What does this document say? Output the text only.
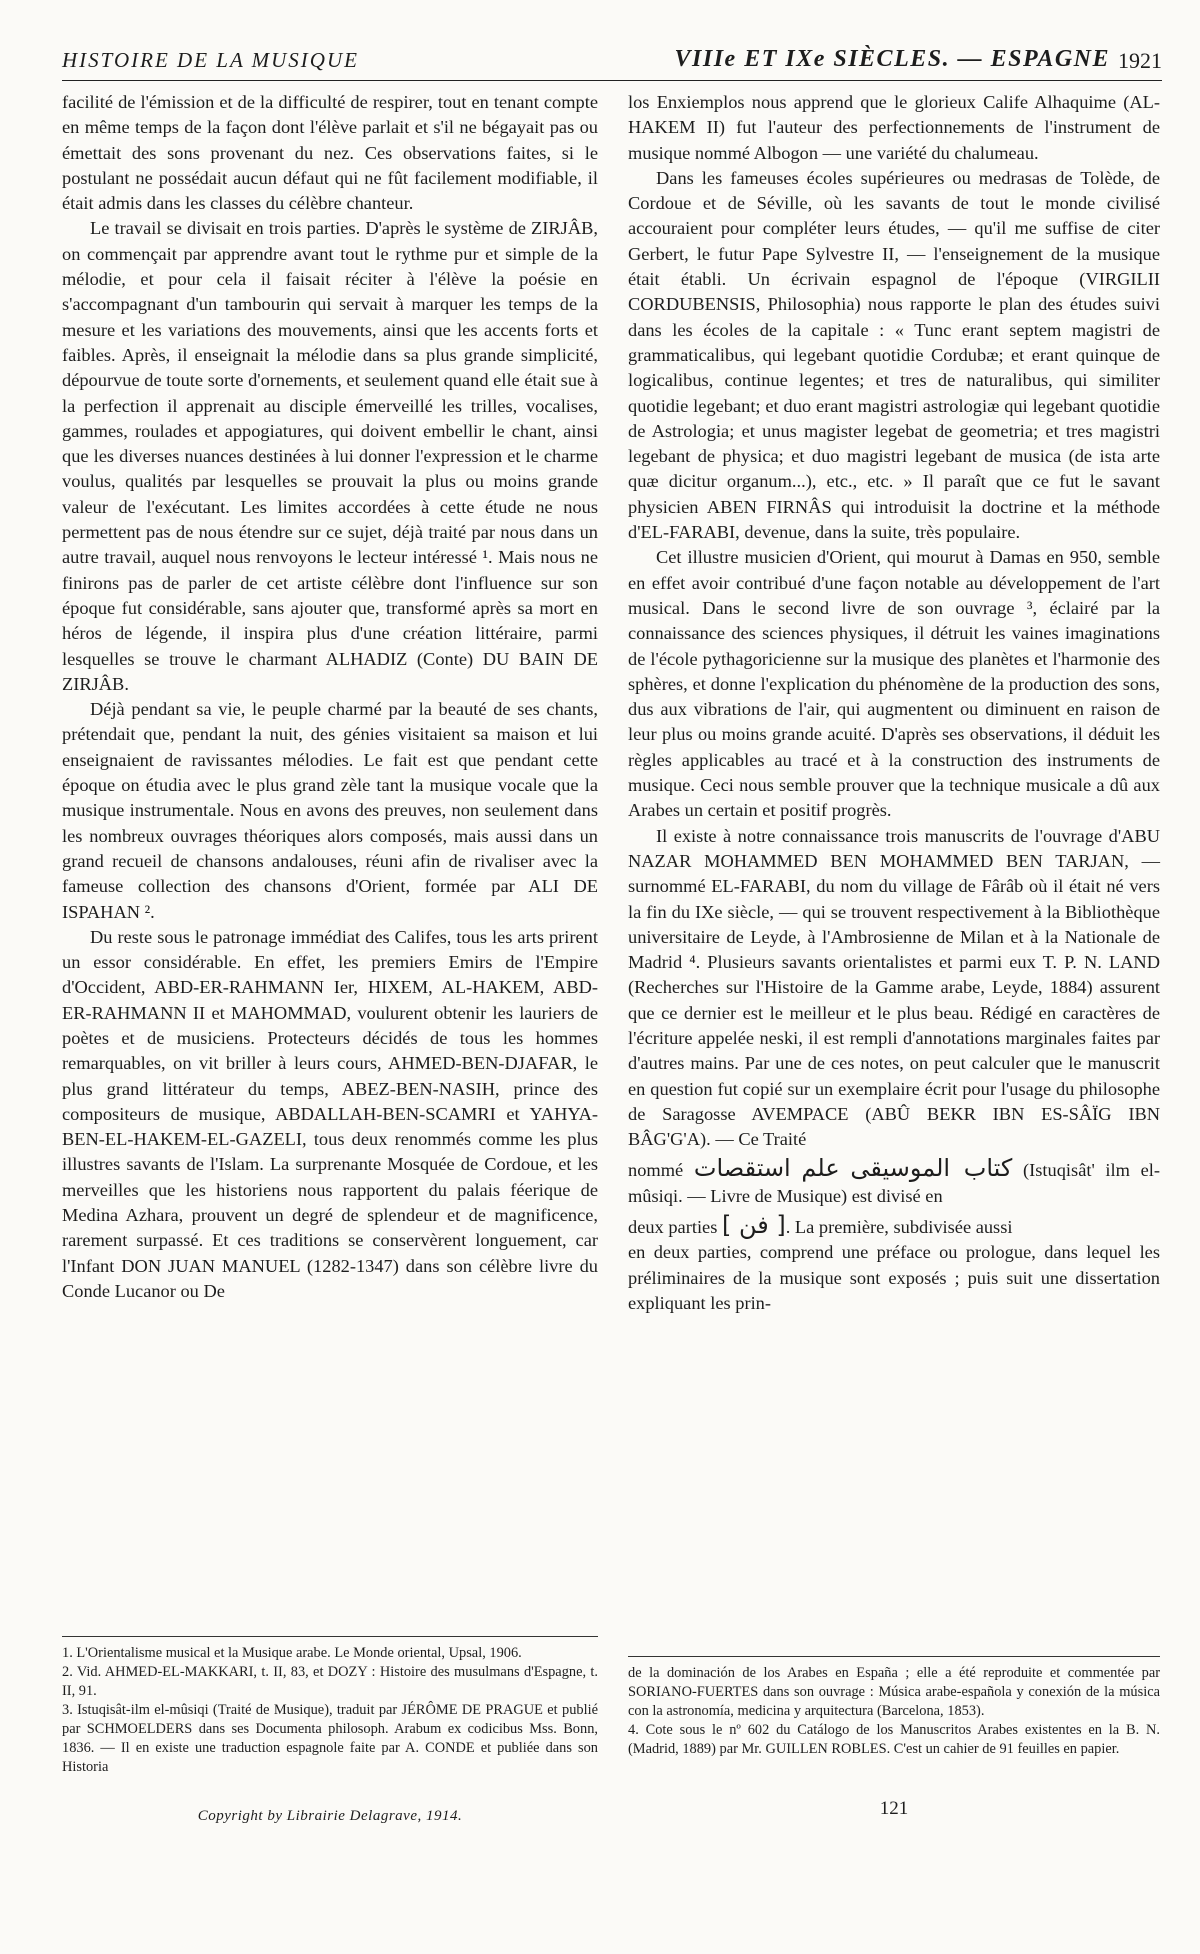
HISTOIRE DE LA MUSIQUE	VIIIe ET IXe SIÈCLES. — ESPAGNE 1921

facilité de l'émission et de la difficulté de respirer, tout en tenant compte en même temps de la façon dont l'élève parlait et s'il ne bégayait pas ou émettait des sons provenant du nez. Ces observations faites, si le postulant ne possédait aucun défaut qui ne fût facilement modifiable, il était admis dans les classes du célèbre chanteur.

Le travail se divisait en trois parties. D'après le système de ZIRJÂB, on commençait par apprendre avant tout le rythme pur et simple de la mélodie, et pour cela il faisait réciter à l'élève la poésie en s'accompagnant d'un tambourin qui servait à marquer les temps de la mesure et les variations des mouvements, ainsi que les accents forts et faibles. Après, il enseignait la mélodie dans sa plus grande simplicité, dépourvue de toute sorte d'ornements, et seulement quand elle était sue à la perfection il apprenait au disciple émerveillé les trilles, vocalises, gammes, roulades et appogiatures, qui doivent embellir le chant, ainsi que les diverses nuances destinées à lui donner l'expression et le charme voulus, qualités par lesquelles se prouvait la plus ou moins grande valeur de l'exécutant. Les limites accordées à cette étude ne nous permettent pas de nous étendre sur ce sujet, déjà traité par nous dans un autre travail, auquel nous renvoyons le lecteur intéressé ¹. Mais nous ne finirons pas de parler de cet artiste célèbre dont l'influence sur son époque fut considérable, sans ajouter que, transformé après sa mort en héros de légende, il inspira plus d'une création littéraire, parmi lesquelles se trouve le charmant ALHADIZ (Conte) DU BAIN DE ZIRJÂB.

Déjà pendant sa vie, le peuple charmé par la beauté de ses chants, prétendait que, pendant la nuit, des génies visitaient sa maison et lui enseignaient de ravissantes mélodies. Le fait est que pendant cette époque on étudia avec le plus grand zèle tant la musique vocale que la musique instrumentale. Nous en avons des preuves, non seulement dans les nombreux ouvrages théoriques alors composés, mais aussi dans un grand recueil de chansons andalouses, réuni afin de rivaliser avec la fameuse collection des chansons d'Orient, formée par ALI DE ISPAHAN ².

Du reste sous le patronage immédiat des Califes, tous les arts prirent un essor considérable. En effet, les premiers Emirs de l'Empire d'Occident, ABD-ER-RAHMANN Ier, HIXEM, AL-HAKEM, ABD-ER-RAHMANN II et MAHOMMAD, voulurent obtenir les lauriers de poètes et de musiciens. Protecteurs décidés de tous les hommes remarquables, on vit briller à leurs cours, AHMED-BEN-DJAFAR, le plus grand littérateur du temps, ABEZ-BEN-NASIH, prince des compositeurs de musique, ABDALLAH-BEN-SCAMRI et YAHYA-BEN-EL-HAKEM-EL-GAZELI, tous deux renommés comme les plus illustres savants de l'Islam. La surprenante Mosquée de Cordoue, et les merveilles que les historiens nous rapportent du palais féerique de Medina Azhara, prouvent un degré de splendeur et de magnificence, rarement surpassé. Et ces traditions se conservèrent longuement, car l'Infant DON JUAN MANUEL (1282-1347) dans son célèbre livre du Conde Lucanor ou De

los Enxiemplos nous apprend que le glorieux Calife Alhaquime (AL-HAKEM II) fut l'auteur des perfectionnements de l'instrument de musique nommé Albogon — une variété du chalumeau.

Dans les fameuses écoles supérieures ou medrasas de Tolède, de Cordoue et de Séville, où les savants de tout le monde civilisé accouraient pour compléter leurs études, — qu'il me suffise de citer Gerbert, le futur Pape Sylvestre II, — l'enseignement de la musique était établi. Un écrivain espagnol de l'époque (VIRGILII CORDUBENSIS, Philosophia) nous rapporte le plan des études suivi dans les écoles de la capitale : « Tunc erant septem magistri de grammaticalibus, qui legebant quotidie Cordubæ; et erant quinque de logicalibus, continue legentes; et tres de naturalibus, qui similiter quotidie legebant; et duo erant magistri astrologiæ qui legebant quotidie de Astrologia; et unus magister legebat de geometria; et tres magistri legebant de physica; et duo magistri legebant de musica (de ista arte quæ dicitur organum...), etc., etc. » Il paraît que ce fut le savant physicien ABEN FIRNÂS qui introduisit la doctrine et la méthode d'EL-FARABI, devenue, dans la suite, très populaire.

Cet illustre musicien d'Orient, qui mourut à Damas en 950, semble en effet avoir contribué d'une façon notable au développement de l'art musical. Dans le second livre de son ouvrage ³, éclairé par la connaissance des sciences physiques, il détruit les vaines imaginations de l'école pythagoricienne sur la musique des planètes et l'harmonie des sphères, et donne l'explication du phénomène de la production des sons, dus aux vibrations de l'air, qui augmentent ou diminuent en raison de leur plus ou moins grande acuité. D'après ses observations, il déduit les règles applicables au tracé et à la construction des instruments de musique. Ceci nous semble prouver que la technique musicale a dû aux Arabes un certain et positif progrès.

Il existe à notre connaissance trois manuscrits de l'ouvrage d'ABU NAZAR MOHAMMED BEN MOHAMMED BEN TARJAN, — surnommé EL-FARABI, du nom du village de Fârâb où il était né vers la fin du IXe siècle, — qui se trouvent respectivement à la Bibliothèque universitaire de Leyde, à l'Ambrosienne de Milan et à la Nationale de Madrid ⁴. Plusieurs savants orientalistes et parmi eux T. P. N. LAND (Recherches sur l'Histoire de la Gamme arabe, Leyde, 1884) assurent que ce dernier est le meilleur et le plus beau. Rédigé en caractères de l'écriture appelée neski, il est rempli d'annotations marginales faites par d'autres mains. Par une de ces notes, on peut calculer que le manuscrit en question fut copié sur un exemplaire écrit pour l'usage du philosophe de Saragosse AVEMPACE (ABÛ BEKR IBN ES-SÂÏG IBN BÂG'G'A). — Ce Traité

nommé	كتاب الموسيقى علم استقصات	(Istuqisât' ilm el-mûsiqi. — Livre de Musique) est divisé en

deux parties [ فن ]. La première, subdivisée aussi

en deux parties, comprend une préface ou prologue, dans lequel les préliminaires de la musique sont exposés ; puis suit une dissertation expliquant les prin-

1. L'Orientalisme musical et la Musique arabe. Le Monde oriental, Upsal, 1906.

2. Vid. AHMED-EL-MAKKARI, t. II, 83, et DOZY : Histoire des musulmans d'Espagne, t. II, 91.

3. Istuqisât-ilm el-mûsiqi (Traité de Musique), traduit par JÉRÔME DE PRAGUE et publié par SCHMOELDERS dans ses Documenta philosoph. Arabum ex codicibus Mss. Bonn, 1836. — Il en existe une traduction espagnole faite par A. CONDE et publiée dans son Historia

de la dominación de los Arabes en España ; elle a été reproduite et commentée par SORIANO-FUERTES dans son ouvrage : Música arabe-española y conexión de la música con la astronomía, medicina y arquitectura (Barcelona, 1853).

4. Cote sous le nº 602 du Catálogo de los Manuscritos Arabes existentes en la B. N. (Madrid, 1889) par Mr. GUILLEN ROBLES. C'est un cahier de 91 feuilles en papier.

Copyright by Librairie Delagrave, 1914.	121
